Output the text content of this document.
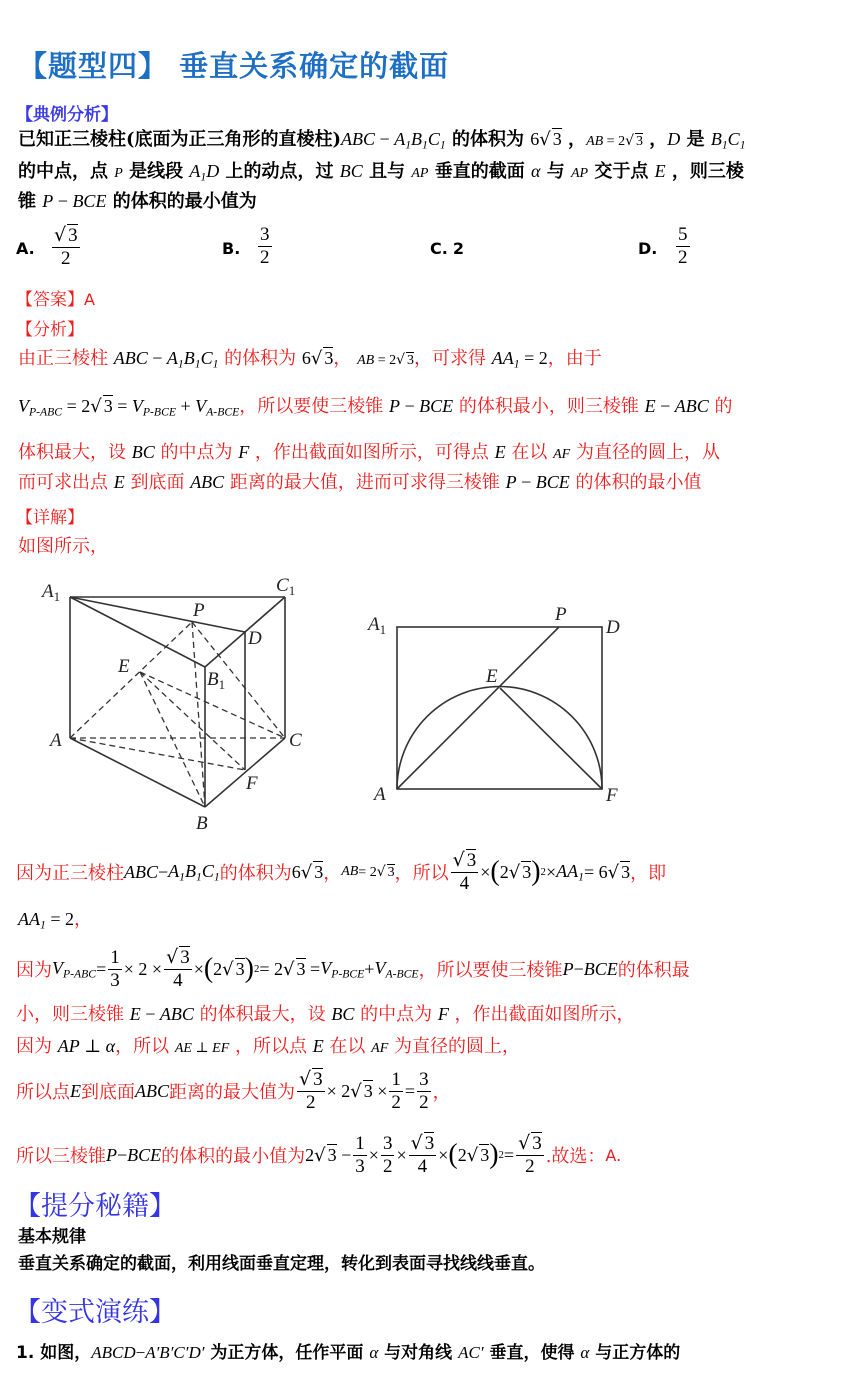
【题型四】 垂直关系确定的截面
【典例分析】
已知正三棱柱(底面为正三角形的直棱柱)$ABC - A_1B_1C_1$ 的体积为 6√ 3 ，AB = 2√ 3 ，D 是 $B_1C_1$
的中点，点 P 是线段 $A_1D$ 上的动点，过 BC 且与 AP 垂直的截面 α 与 AP 交于点 E ，则三棱
锥 P − BCE 的体积的最小值为
A. $\frac{√ 3}{2}$	B. $\frac{3}{2}$	C. 2	D. $\frac{5}{2}$
【答案】A
【分析】
由正三棱柱 ABC − $A_1B_1C_1$ 的体积为 6√ 3， AB = 2√ 3，可求得 $AA_1 = 2$，由于
$V_{P-ABC} = 2√$ $3 = V_{P-BCE} + V_{A-BCE}$，所以要使三棱锥 P − BCE 的体积最小，则三棱锥 E − ABC 的
体积最大，设 BC 的中点为 F ，作出截面如图所示，可得点 E 在以 AF 为直径的圆上，从
而可求出点 E 到底面 ABC 距离的最大值，进而可求得三棱锥 P − BCE 的体积的最小值
【详解】
如图所示，
$A_1$
$C_1$
P
D
E
$B_1$
A	C
F
B
$A_1$
P
D
E
A	F
因为正三棱柱 ABC − $A_1B_1C_1$ 的体积为 6√ 3 ， AB = 2√ 3 ，所以 $\frac{√ 3}{4}$ × ( 2√ 3 ) $2 \times AA_1 = 6√$ 3 ，即
$AA_1 = 2$，
因为 $V_{P-ABC} = \frac{1}{3} \times 2 \times \frac{√ 3}{4}$ × ( 2√ 3 ) 2 = 2√ $3 = V_{P-BCE} + V_{A-BCE}$ ，所以要使三棱锥 P − BCE 的体积最
小，则三棱锥 E − ABC 的体积最大，设 BC 的中点为 F ，作出截面如图所示，
因为 AP ⊥ α，所以 AE ⊥ EF ，所以点 E 在以 AF 为直径的圆上，
所以点 E 到底面 ABC 距离的最大值为 $\frac{√ 3}{2} \times 2√$ $3 \times \frac{1}{2} = \frac{3}{2}$ ，
所以三棱锥 P − BCE 的体积的最小值为 2√ $3 - \frac{1}{3} \times \frac{3}{2} \times \frac{√ 3}{4}$ × ( 2√ 3 ) $2 = \frac{√ 3}{2}$ .故选： A.
【提分秘籍】
基本规律
垂直关系确定的截面，利用线面垂直定理，转化到表面寻找线线垂直。
【变式演练】
1. 如图，ABCD−A′B′C′D′ 为正方体，任作平面 α 与对角线 AC′ 垂直，使得 α 与正方体的
